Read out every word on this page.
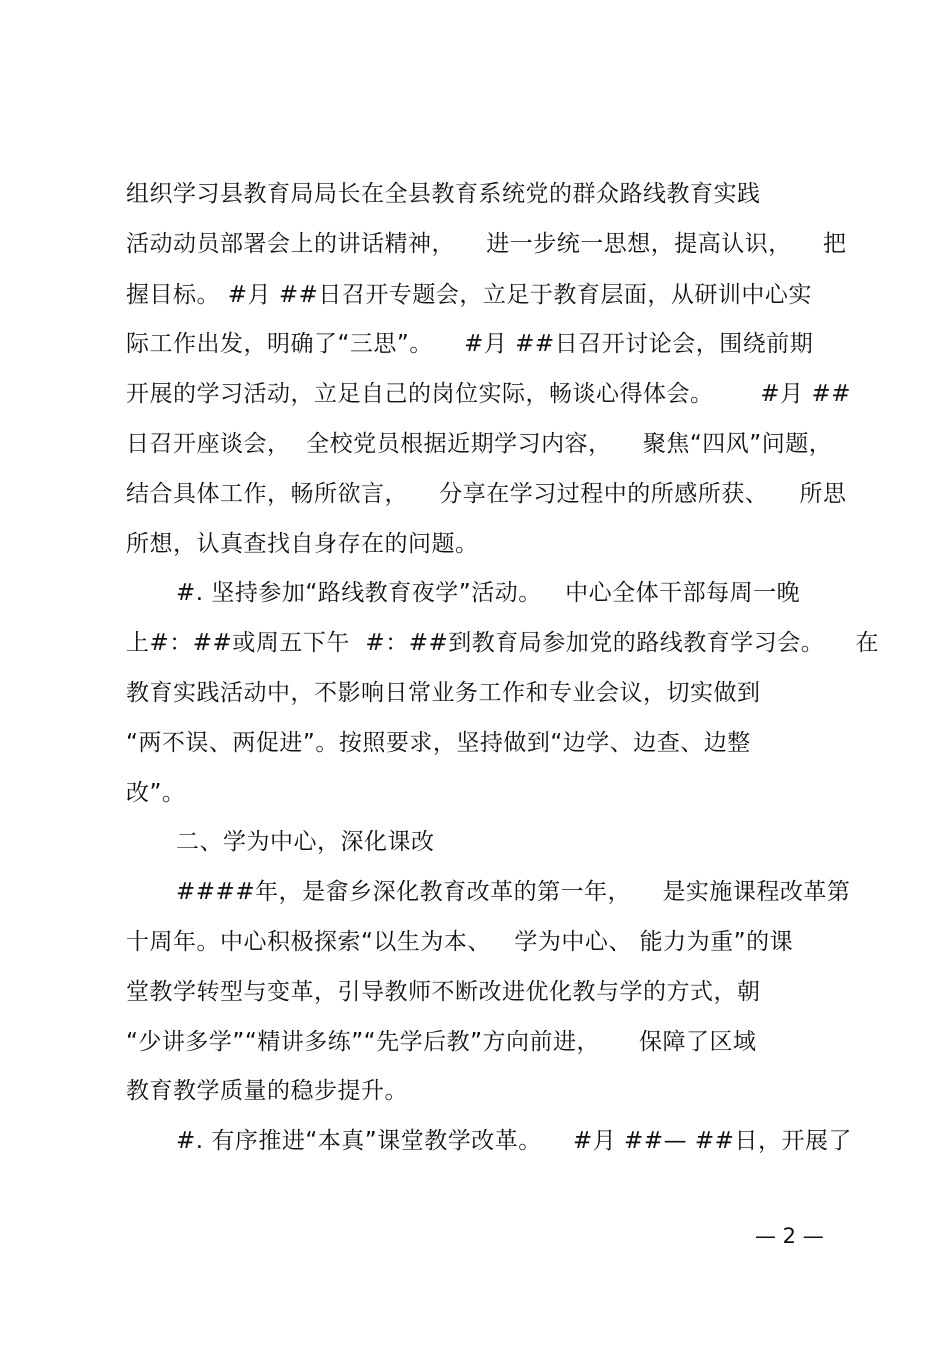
组织学习县教育局局长在全县教育系统党的群众路线教育实践
活动动员部署会上的讲话精神，    进一步统一思想，提高认识，    把
握目标。 #月 ##日召开专题会，立足于教育层面，从研训中心实
际工作出发，明确了“三思”。    #月 ##日召开讨论会，围绕前期
开展的学习活动，立足自己的岗位实际，畅谈心得体会。      #月 ##
日召开座谈会，  全校党员根据近期学习内容，    聚焦“四风”问题，
结合具体工作，畅所欲言，    分享在学习过程中的所感所获、    所思
所想，认真查找自身存在的问题。
#. 坚持参加“路线教育夜学”活动。   中心全体干部每周一晚
上#：##或周五下午  #：##到教育局参加党的路线教育学习会。    在
教育实践活动中，不影响日常业务工作和专业会议，切实做到
“两不误、两促进”。按照要求，坚持做到“边学、边查、边整
改”。
二、学为中心，深化课改
####年，是畲乡深化教育改革的第一年，    是实施课程改革第
十周年。中心积极探索“以生为本、   学为中心、 能力为重”的课
堂教学转型与变革，引导教师不断改进优化教与学的方式，朝
“少讲多学”“精讲多练”“先学后教”方向前进，     保障了区域
教育教学质量的稳步提升。
#. 有序推进“本真”课堂教学改革。    #月 ##— ##日，开展了
— 2 —
